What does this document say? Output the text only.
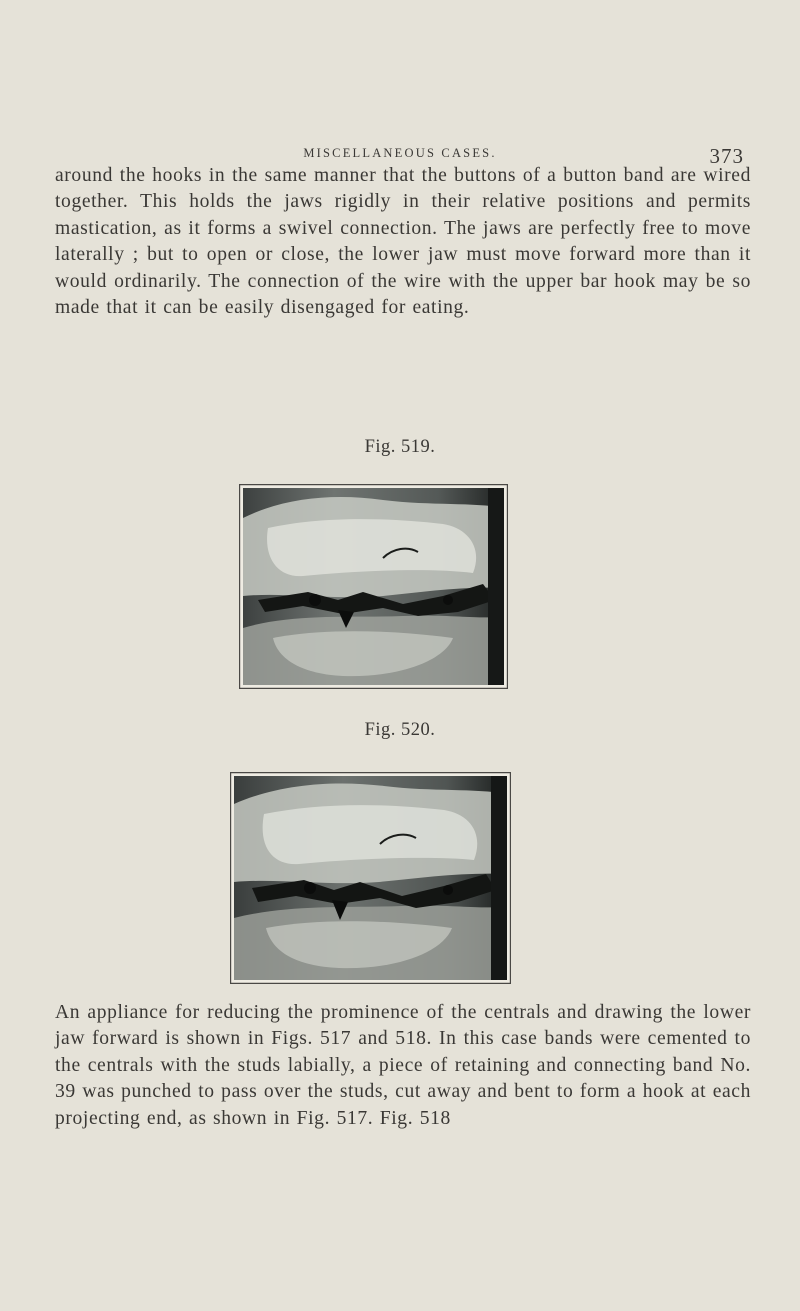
MISCELLANEOUS CASES.	373

around the hooks in the same manner that the buttons of a button band are wired together. This holds the jaws rigidly in their relative positions and permits mastication, as it forms a swivel connection. The jaws are perfectly free to move laterally ; but to open or close, the lower jaw must move forward more than it would ordinarily. The connection of the wire with the upper bar hook may be so made that it can be easily disengaged for eating.

Fig. 519.
Fig. 520.

An appliance for reducing the prominence of the centrals and drawing the lower jaw forward is shown in Figs. 517 and 518. In this case bands were cemented to the centrals with the studs labially, a piece of retaining and connecting band No. 39 was punched to pass over the studs, cut away and bent to form a hook at each projecting end, as shown in Fig. 517. Fig. 518
